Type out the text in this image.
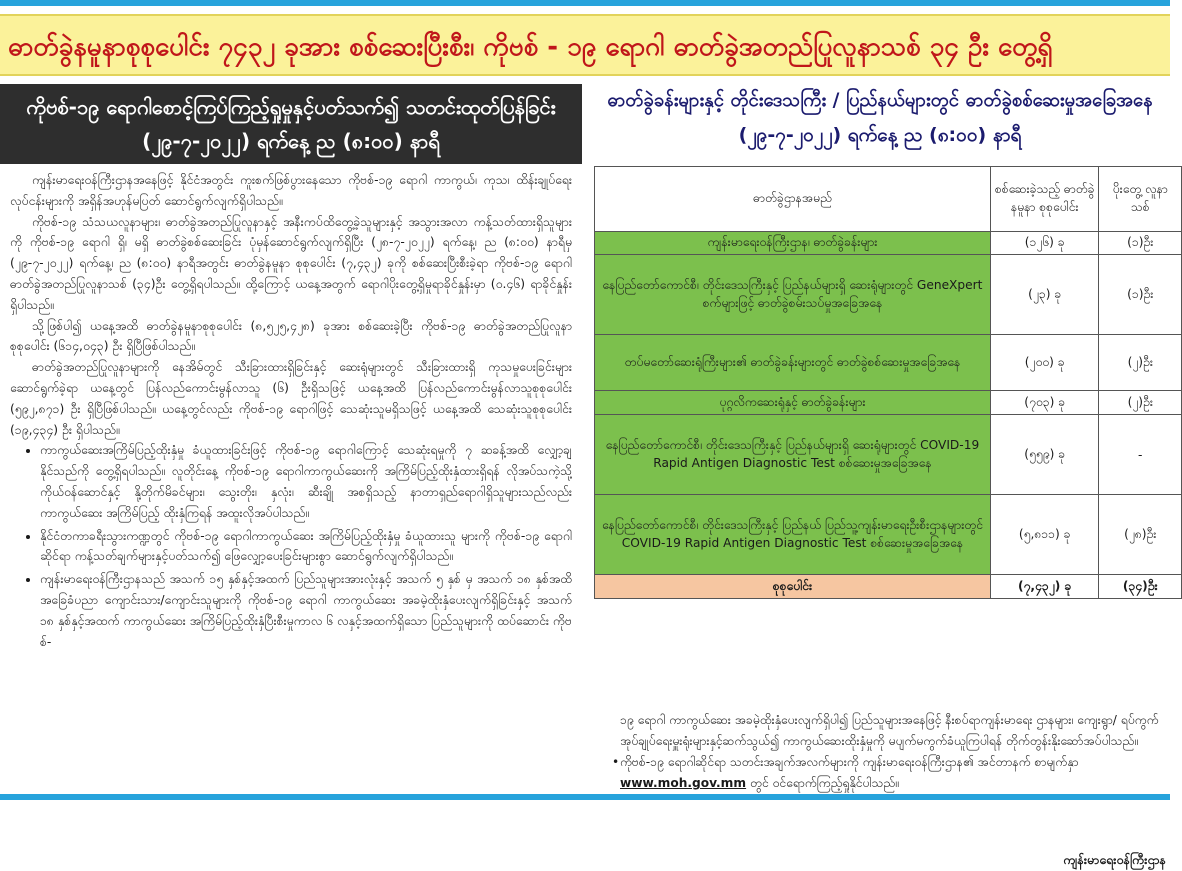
ဓာတ်ခွဲနမူနာစုစုပေါင်း ၇၄၃၂ ခုအား စစ်ဆေးပြီးစီး၊ ကိုဗစ် - ၁၉ ရောဂါ ဓာတ်ခွဲအတည်ပြုလူနာသစ် ၃၄ ဦး တွေ့ရှိ
ကိုဗစ်-၁၉ ရောဂါစောင့်ကြပ်ကြည့်ရှုမှုနှင့်ပတ်သက်၍ သတင်းထုတ်ပြန်ခြင်း
(၂၉-၇-၂၀၂၂) ရက်နေ့ ည (၈:၀၀) နာရီ

ကျန်းမာရေးဝန်ကြီးဌာနအနေဖြင့် နိုင်ငံအတွင်း ကူးစက်ဖြစ်ပွားနေသော ကိုဗစ်-၁၉ ရောဂါ ကာကွယ်၊ ကုသ၊ ထိန်းချုပ်ရေးလုပ်ငန်းများကို အရှိန်အဟုန်မပြတ် ဆောင်ရွက်လျက်ရှိပါသည်။

ကိုဗစ်-၁၉ သံသယလူနာများ၊ ဓာတ်ခွဲအတည်ပြုလူနာနှင့် အနီးကပ်ထိတွေ့ခဲ့သူများနှင့် အသွားအလာ ကန့်သတ်ထားရှိသူများကို ကိုဗစ်-၁၉ ရောဂါ ရှိ၊ မရှိ ဓာတ်ခွဲစစ်ဆေးခြင်း ပုံမှန်ဆောင်ရွက်လျက်ရှိပြီး (၂၈-၇-၂၀၂၂) ရက်နေ့၊ ည (၈:၀၀) နာရီမှ (၂၉-၇-၂၀၂၂) ရက်နေ့၊ ည (၈:၀၀) နာရီအတွင်း ဓာတ်ခွဲနမူနာ စုစုပေါင်း (၇,၄၃၂) ခုကို စစ်ဆေးပြီးစီးခဲ့ရာ ကိုဗစ်-၁၉ ရောဂါ ဓာတ်ခွဲအတည်ပြုလူနာသစ် (၃၄)ဦး တွေ့ရှိရပါသည်။ ထို့ကြောင့် ယနေ့အတွက် ရောဂါပိုးတွေ့ရှိမှုရာခိုင်နှုန်းမှာ (၀.၄၆) ရာခိုင်နှုန်း ရှိပါသည်။

သို့ဖြစ်ပါ၍ ယနေ့အထိ ဓာတ်ခွဲနမူနာစုစုပေါင်း (၈,၅၂၅,၄၂၈) ခုအား စစ်ဆေးခဲ့ပြီး ကိုဗစ်-၁၉ ဓာတ်ခွဲအတည်ပြုလူနာစုစုပေါင်း (၆၁၄,၀၄၃) ဦး ရှိပြီဖြစ်ပါသည်။

ဓာတ်ခွဲအတည်ပြုလူနာများကို နေအိမ်တွင် သီးခြားထားရှိခြင်းနှင့် ဆေးရုံများတွင် သီးခြားထားရှိ ကုသမှုပေးခြင်းများ ဆောင်ရွက်ခဲ့ရာ ယနေ့တွင် ပြန်လည်ကောင်းမွန်လာသူ (၆) ဦးရှိသဖြင့် ယနေ့အထိ ပြန်လည်ကောင်းမွန်လာသူစုစုပေါင်း (၅၉၂,၈၇၁) ဦး ရှိပြီဖြစ်ပါသည်။ ယနေ့တွင်လည်း ကိုဗစ်-၁၉ ရောဂါဖြင့် သေဆုံးသူမရှိသဖြင့် ယနေ့အထိ သေဆုံးသူစုစုပေါင်း (၁၉,၄၃၄) ဦး ရှိပါသည်။

• ကာကွယ်ဆေးအကြိမ်ပြည့်ထိုးနှံမှု ခံယူထားခြင်းဖြင့် ကိုဗစ်-၁၉ ရောဂါကြောင့် သေဆုံးရမှုကို ၇ ဆခန့်အထိ လျှော့ချနိုင်သည်ကို တွေ့ရှိရပါသည်။ လူတိုင်းနေ့ ကိုဗစ်-၁၉ ရောဂါကာကွယ်ဆေးကို အကြိမ်ပြည့်ထိုးနှံထားရှိရန် လိုအပ်သကဲ့သို့ ကိုယ်ဝန်ဆောင်နှင့် နို့တိုက်မိခင်များ၊ သွေးတိုး၊ နှလုံး၊ ဆီးချို အစရှိသည့် နာတာရှည်ရောဂါရှိသူများသည်လည်း ကာကွယ်ဆေး အကြိမ်ပြည့် ထိုးနှံကြရန် အထူးလိုအပ်ပါသည်။
• နိုင်ငံတကာခရီးသွားကဏ္ဍတွင် ကိုဗစ်-၁၉ ရောဂါကာကွယ်ဆေး အကြိမ်ပြည့်ထိုးနှံမှု ခံယူထားသူ များကို ကိုဗစ်-၁၉ ရောဂါဆိုင်ရာ ကန့်သတ်ချက်များနှင့်ပတ်သက်၍ ဖြေလျှော့ပေးခြင်းများစွာ ဆောင်ရွက်လျက်ရှိပါသည်။
• ကျန်းမာရေးဝန်ကြီးဌာနသည် အသက် ၁၅ နှစ်နှင့်အထက် ပြည်သူများအားလုံးနှင့် အသက် ၅ နှစ် မှ အသက် ၁၈ နှစ်အထိ အခြေခံပညာ ကျောင်းသား/ကျောင်းသူများကို ကိုဗစ်-၁၉ ရောဂါ ကာကွယ်ဆေး အခမဲ့ထိုးနှံပေးလျက်ရှိခြင်းနှင့် အသက် ၁၈ နှစ်နှင့်အထက် ကာကွယ်ဆေး အကြိမ်ပြည့်ထိုးနှံပြီးစီးမှုကာလ ၆ လနှင့်အထက်ရှိသော ပြည်သူများကို ထပ်ဆောင်း ကိုဗစ်-
ဓာတ်ခွဲခန်းများနှင့် တိုင်းဒေသကြီး / ပြည်နယ်များတွင် ဓာတ်ခွဲစစ်ဆေးမှုအခြေအနေ
(၂၉-၇-၂၀၂၂) ရက်နေ့ ည (၈:၀၀) နာရီ
ဓာတ်ခွဲဌာနအမည်	စစ်ဆေးခဲ့သည့် ဓာတ်ခွဲနမူနာ စုစုပေါင်း	ပိုးတွေ့ လူနာသစ်
ကျန်းမာရေးဝန်ကြီးဌာန၊ ဓာတ်ခွဲခန်းများ	(၁၂၆) ခု	(၁)ဦး
နေပြည်တော်ကောင်စီ၊ တိုင်းဒေသကြီးနှင့် ပြည်နယ်များရှိ ဆေးရုံများတွင် GeneXpert စက်များဖြင့် ဓာတ်ခွဲစမ်းသပ်မှုအခြေအနေ	(၂၃) ခု	(၁)ဦး
တပ်မတော်ဆေးရုံကြီးများ၏ ဓာတ်ခွဲခန်းများတွင် ဓာတ်ခွဲစစ်ဆေးမှုအခြေအနေ	(၂၀၀) ခု	(၂)ဦး
ပုဂ္ဂလိကဆေးရုံနှင့် ဓာတ်ခွဲခန်းများ	(၇၀၃) ခု	(၂)ဦး
နေပြည်တော်ကောင်စီ၊ တိုင်းဒေသကြီးနှင့် ပြည်နယ်များရှိ ဆေးရုံများတွင် COVID-19 Rapid Antigen Diagnostic Test စစ်ဆေးမှုအခြေအနေ	(၅၅၉) ခု	-
နေပြည်တော်ကောင်စီ၊ တိုင်းဒေသကြီးနှင့် ပြည်နယ် ပြည်သူ့ကျန်းမာရေးဦးစီးဌာနများတွင် COVID-19 Rapid Antigen Diagnostic Test စစ်ဆေးမှုအခြေအနေ	(၅,၈၁၁) ခု	(၂၈)ဦး
စုစုပေါင်း	(၇,၄၃၂) ခု	(၃၄)ဦး

၁၉ ရောဂါ ကာကွယ်ဆေး အခမဲ့ထိုးနှံပေးလျက်ရှိပါ၍ ပြည်သူများအနေဖြင့် နီးစပ်ရာကျန်းမာရေး ဌာနများ၊ ကျေးရွာ/ ရပ်ကွက်အုပ်ချုပ်ရေးမှူးရုံးများနှင့်ဆက်သွယ်၍ ကာကွယ်ဆေးထိုးနှံမှုကို မပျက်မကွက်ခံယူကြပါရန် တိုက်တွန်းနိုးဆော်အပ်ပါသည်။

• ကိုဗစ်-၁၉ ရောဂါဆိုင်ရာ သတင်းအချက်အလက်များကို ကျန်းမာရေးဝန်ကြီးဌာန၏ အင်တာနက် စာမျက်နှာ www.moh.gov.mm တွင် ဝင်ရောက်ကြည့်ရှုနိုင်ပါသည်။
ကျန်းမာရေးဝန်ကြီးဌာန
